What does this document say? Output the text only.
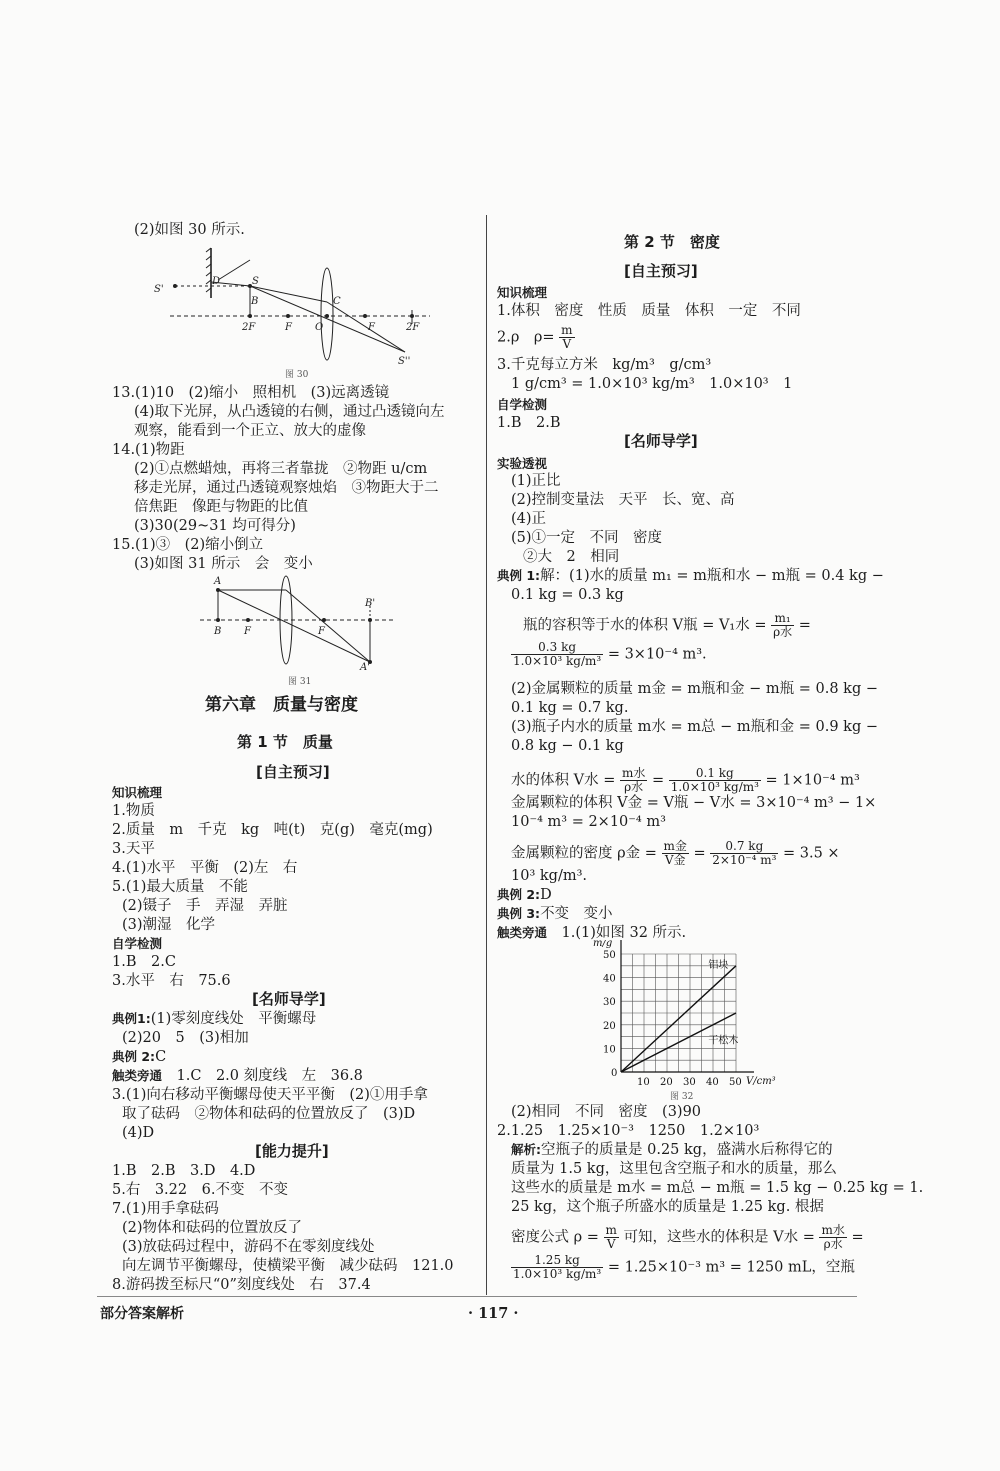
(2)如图 30 所示.
S'
D	S
B	C
2F	F O	F	2F
S''
图 30
13.(1)10　(2)缩小　照相机　(3)远离透镜
(4)取下光屏，从凸透镜的右侧，通过凸透镜向左
观察，能看到一个正立、放大的虚像
14.(1)物距
(2)①点燃蜡烛，再将三者靠拢　②物距 u/cm
移走光屏，通过凸透镜观察烛焰　③物距大于二
倍焦距　像距与物距的比值
(3)30(29~31 均可得分)
15.(1)③　(2)缩小倒立
(3)如图 31 所示　会　变小
A
B F	F
B'
A'
图 31
第六章　质量与密度
第 1 节　质量
[自主预习]
知识梳理
1.物质
2.质量　m　千克　kg　吨(t)　克(g)　毫克(mg)
3.天平
4.(1)水平　平衡　(2)左　右
5.(1)最大质量　不能
(2)镊子　手　弄湿　弄脏
(3)潮湿　化学
自学检测
1.B　2.C
3.水平　右　75.6
[名师导学]
典例1:(1)零刻度线处　平衡螺母
(2)20　5　(3)相加
典例 2:C
触类旁通　 1.C　2.0 刻度线　左　36.8
3.(1)向右移动平衡螺母使天平平衡　(2)①用手拿
取了砝码　②物体和砝码的位置放反了　(3)D
(4)D
[能力提升]
1.B　2.B　3.D　4.D
5.右　3.22　6.不变　不变
7.(1)用手拿砝码
(2)物体和砝码的位置放反了
(3)放砝码过程中，游码不在零刻度线处
向左调节平衡螺母，使横梁平衡　减少砝码　121.0
8.游码拨至标尺“0”刻度线处　右　37.4
第 2 节　密度
[自主预习]
知识梳理
1.体积　密度　性质　质量　体积　一定　不同
2.ρ　$\rho= \frac{m}{V}$
3.千克每立方米　kg/m³　g/cm³
1 g/cm³ = 1.0×10³ kg/m³　1.0×10³　1
自学检测
1.B　2.B
[名师导学]
实验透视
(1)正比
(2)控制变量法　天平　长、宽、高
(4)正
(5)①一定　不同　密度
②大　2　相同
典例 1:解：(1)水的质量 m₁ = m瓶和水 − m瓶 = 0.4 kg −
0.1 kg = 0.3 kg
瓶的容积等于水的体积 V瓶 = V₁水 = $\frac{\text{m₁}}{\text{ρ水}}$ =
$\frac{0.3 kg}{\text{1.0×10³ kg/m³}} = 3\times 10^{-4}$ m³.
(2)金属颗粒的质量 m金 = m瓶和金 − m瓶 = 0.8 kg −
0.1 kg = 0.7 kg.
(3)瓶子内水的质量 m水 = m总 − m瓶和金 = 0.9 kg −
0.8 kg − 0.1 kg
水的体积 V水 = $\frac{\text{m水}}{\text{ρ水}} = \frac{0.1 kg}{\text{1.0×10³ kg/m³}} = 1\times 10^{-4}$ m³
金属颗粒的体积 V金 = V瓶 − V水 = 3×10⁻⁴ m³ − 1×
10⁻⁴ m³ = 2×10⁻⁴ m³
金属颗粒的密度 ρ金 = $\frac{\text{m金}}{\text{V金}} = \frac{0.7 kg}{\text{2×10⁻⁴ m³}} = 3.5$ ×
10³ kg/m³.
典例 2:D
典例 3:不变　变小
触类旁通　 1.(1)如图 32 所示.
10 20 30 40 50
10
20
30
40
50
0
V/cm³
m/g
铝块
干松木
图 32
(2)相同　不同　密度　(3)90
2.1.25　1.25×10⁻³　1250　1.2×10³
解析:空瓶子的质量是 0.25 kg，盛满水后称得它的
质量为 1.5 kg，这里包含空瓶子和水的质量，那么
这些水的质量是 m水 = m总 − m瓶 = 1.5 kg − 0.25 kg = 1.
25 kg，这个瓶子所盛水的质量是 1.25 kg. 根据
密度公式 $\rho = \frac{m}{V}$ 可知，这些水的体积是 V水 = $\frac{\text{m水}}{\text{ρ水}}$ =
$\frac{1.25 kg}{\text{1.0×10³ kg/m³}} = 1.25\times 10^{-3}$ m³ = 1250 mL，空瓶
部分答案解析	· 117 ·
